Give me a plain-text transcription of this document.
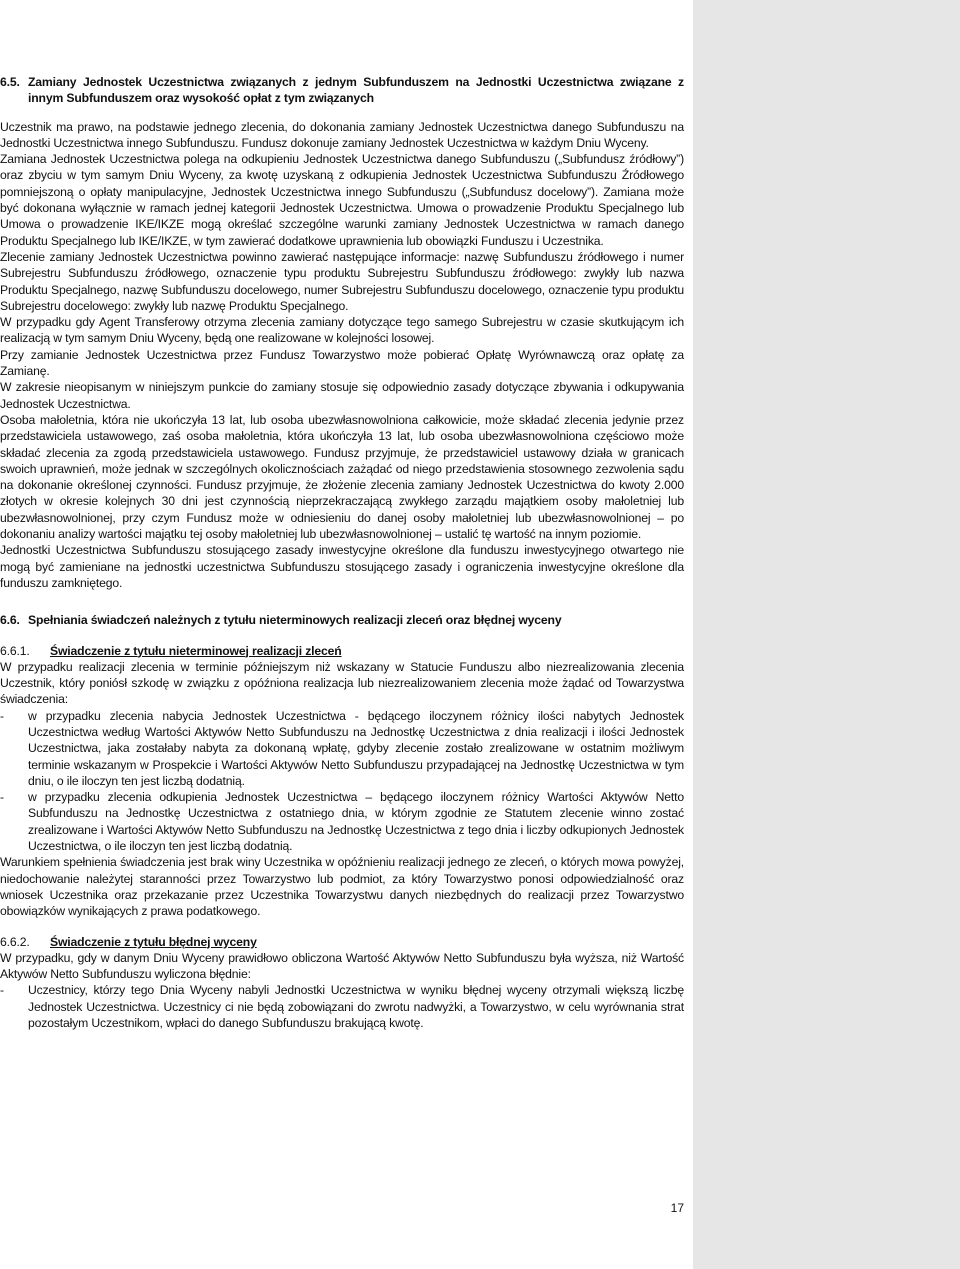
6.5. Zamiany Jednostek Uczestnictwa związanych z jednym Subfunduszem na Jednostki Uczestnictwa związane z innym Subfunduszem oraz wysokość opłat z tym związanych

Uczestnik ma prawo, na podstawie jednego zlecenia, do dokonania zamiany Jednostek Uczestnictwa danego Subfunduszu na Jednostki Uczestnictwa innego Subfunduszu. Fundusz dokonuje zamiany Jednostek Uczestnictwa w każdym Dniu Wyceny.

Zamiana Jednostek Uczestnictwa polega na odkupieniu Jednostek Uczestnictwa danego Subfunduszu („Subfundusz źródłowy”) oraz zbyciu w tym samym Dniu Wyceny, za kwotę uzyskaną z odkupienia Jednostek Uczestnictwa Subfunduszu Źródłowego pomniejszoną o opłaty manipulacyjne, Jednostek Uczestnictwa innego Subfunduszu („Subfundusz docelowy”). Zamiana może być dokonana wyłącznie w ramach jednej kategorii Jednostek Uczestnictwa. Umowa o prowadzenie Produktu Specjalnego lub Umowa o prowadzenie IKE/IKZE mogą określać szczególne warunki zamiany Jednostek Uczestnictwa w ramach danego Produktu Specjalnego lub IKE/IKZE, w tym zawierać dodatkowe uprawnienia lub obowiązki Funduszu i Uczestnika.

Zlecenie zamiany Jednostek Uczestnictwa powinno zawierać następujące informacje: nazwę Subfunduszu źródłowego i numer Subrejestru Subfunduszu źródłowego, oznaczenie typu produktu Subrejestru Subfunduszu źródłowego: zwykły lub nazwa Produktu Specjalnego, nazwę Subfunduszu docelowego, numer Subrejestru Subfunduszu docelowego, oznaczenie typu produktu Subrejestru docelowego: zwykły lub nazwę Produktu Specjalnego.

W przypadku gdy Agent Transferowy otrzyma zlecenia zamiany dotyczące tego samego Subrejestru w czasie skutkującym ich realizacją w tym samym Dniu Wyceny, będą one realizowane w kolejności losowej.

Przy zamianie Jednostek Uczestnictwa przez Fundusz Towarzystwo może pobierać Opłatę Wyrównawczą oraz opłatę za Zamianę.

W zakresie nieopisanym w niniejszym punkcie do zamiany stosuje się odpowiednio zasady dotyczące zbywania i odkupywania Jednostek Uczestnictwa.

Osoba małoletnia, która nie ukończyła 13 lat, lub osoba ubezwłasnowolniona całkowicie, może składać zlecenia jedynie przez przedstawiciela ustawowego, zaś osoba małoletnia, która ukończyła 13 lat, lub osoba ubezwłasnowolniona częściowo może składać zlecenia za zgodą przedstawiciela ustawowego. Fundusz przyjmuje, że przedstawiciel ustawowy działa w granicach swoich uprawnień, może jednak w szczególnych okolicznościach zażądać od niego przedstawienia stosownego zezwolenia sądu na dokonanie określonej czynności. Fundusz przyjmuje, że złożenie zlecenia zamiany Jednostek Uczestnictwa do kwoty 2.000 złotych w okresie kolejnych 30 dni jest czynnością nieprzekraczającą zwykłego zarządu majątkiem osoby małoletniej lub ubezwłasnowolnionej, przy czym Fundusz może w odniesieniu do danej osoby małoletniej lub ubezwłasnowolnionej – po dokonaniu analizy wartości majątku tej osoby małoletniej lub ubezwłasnowolnionej – ustalić tę wartość na innym poziomie.

Jednostki Uczestnictwa Subfunduszu stosującego zasady inwestycyjne określone dla funduszu inwestycyjnego otwartego nie mogą być zamieniane na jednostki uczestnictwa Subfunduszu stosującego zasady i ograniczenia inwestycyjne określone dla funduszu zamkniętego.

6.6. Spełniania świadczeń należnych z tytułu nieterminowych realizacji zleceń oraz błędnej wyceny
6.6.1. Świadczenie z tytułu nieterminowej realizacji zleceń

W przypadku realizacji zlecenia w terminie późniejszym niż wskazany w Statucie Funduszu albo niezrealizowania zlecenia Uczestnik, który poniósł szkodę w związku z opóźniona realizacja lub niezrealizowaniem zlecenia może żądać od Towarzystwa świadczenia:

-	w przypadku zlecenia nabycia Jednostek Uczestnictwa - będącego iloczynem różnicy ilości nabytych Jednostek Uczestnictwa według Wartości Aktywów Netto Subfunduszu na Jednostkę Uczestnictwa z dnia realizacji i ilości Jednostek Uczestnictwa, jaka zostałaby nabyta za dokonaną wpłatę, gdyby zlecenie zostało zrealizowane w ostatnim możliwym terminie wskazanym w Prospekcie i Wartości Aktywów Netto Subfunduszu przypadającej na Jednostkę Uczestnictwa w tym dniu, o ile iloczyn ten jest liczbą dodatnią.
-	w przypadku zlecenia odkupienia Jednostek Uczestnictwa – będącego iloczynem różnicy Wartości Aktywów Netto Subfunduszu na Jednostkę Uczestnictwa z ostatniego dnia, w którym zgodnie ze Statutem zlecenie winno zostać zrealizowane i Wartości Aktywów Netto Subfunduszu na Jednostkę Uczestnictwa z tego dnia i liczby odkupionych Jednostek Uczestnictwa, o ile iloczyn ten jest liczbą dodatnią.

Warunkiem spełnienia świadczenia jest brak winy Uczestnika w opóźnieniu realizacji jednego ze zleceń, o których mowa powyżej, niedochowanie należytej staranności przez Towarzystwo lub podmiot, za który Towarzystwo ponosi odpowiedzialność oraz wniosek Uczestnika oraz przekazanie przez Uczestnika Towarzystwu danych niezbędnych do realizacji przez Towarzystwo obowiązków wynikających z prawa podatkowego.

6.6.2. Świadczenie z tytułu błędnej wyceny

W przypadku, gdy w danym Dniu Wyceny prawidłowo obliczona Wartość Aktywów Netto Subfunduszu była wyższa, niż Wartość Aktywów Netto Subfunduszu wyliczona błędnie:

-	Uczestnicy, którzy tego Dnia Wyceny nabyli Jednostki Uczestnictwa w wyniku błędnej wyceny otrzymali większą liczbę Jednostek Uczestnictwa. Uczestnicy ci nie będą zobowiązani do zwrotu nadwyżki, a Towarzystwo, w celu wyrównania strat pozostałym Uczestnikom, wpłaci do danego Subfunduszu brakującą kwotę.
17
